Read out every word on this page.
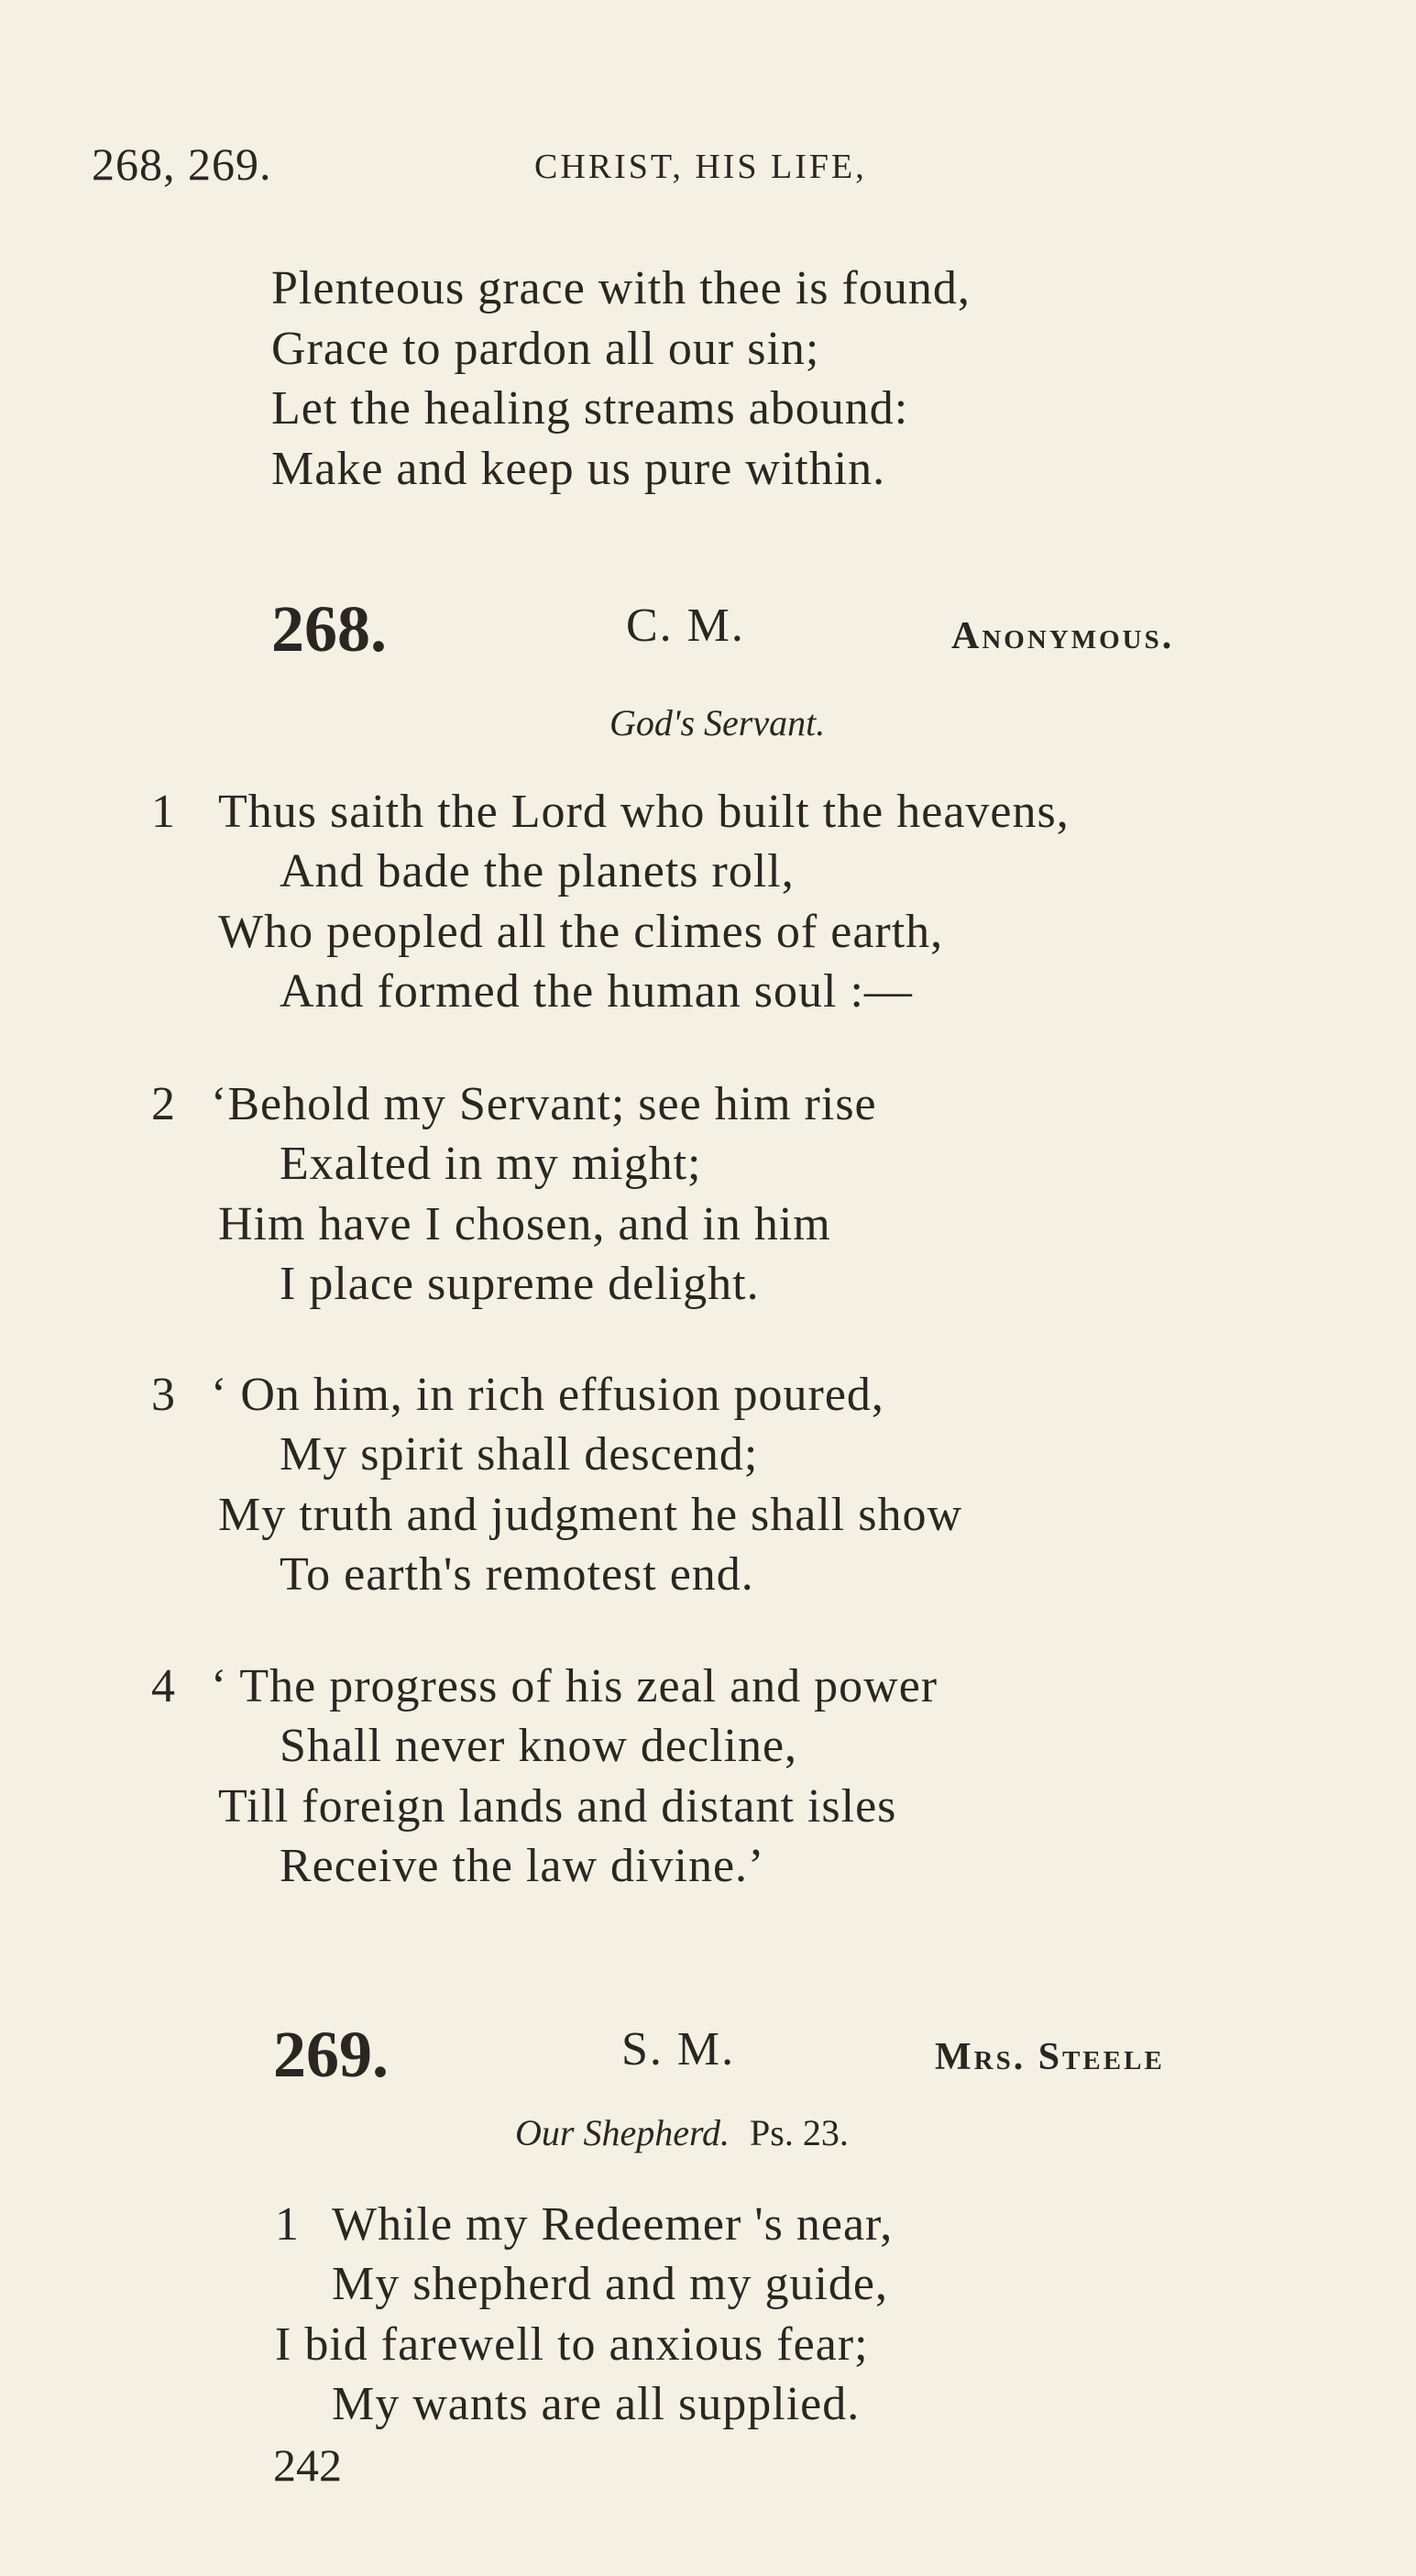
268, 269.	CHRIST, HIS LIFE,
Plenteous grace with thee is found,
Grace to pardon all our sin;
Let the healing streams abound:
Make and keep us pure within.
268.	C. M.	Anonymous.
God's Servant.
1 Thus saith the Lord who built the heavens,
And bade the planets roll,
Who peopled all the climes of earth,
And formed the human soul :—
2 ‘Behold my Servant; see him rise
Exalted in my might;
Him have I chosen, and in him
I place supreme delight.
3 ‘ On him, in rich effusion poured,
My spirit shall descend;
My truth and judgment he shall show
To earth's remotest end.
4 ‘ The progress of his zeal and power
Shall never know decline,
Till foreign lands and distant isles
Receive the law divine.’
269.	S. M.	Mrs. Steele
Our Shepherd. Ps. 23.
1 While my Redeemer 's near,
My shepherd and my guide,
I bid farewell to anxious fear;
My wants are all supplied.
242
